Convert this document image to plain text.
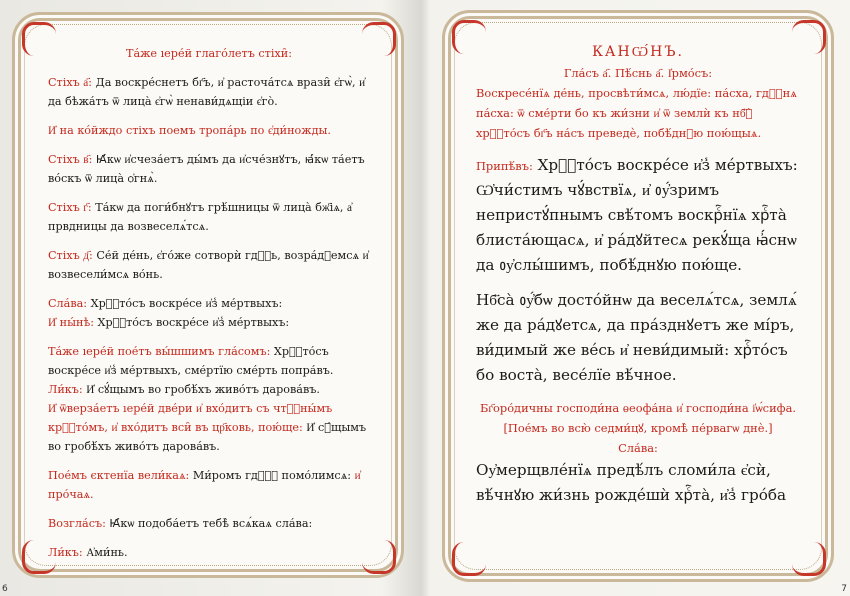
Та́же ıере́й глаго́летъ стіхи̑:

Стіхъ а҃: Да воскре́снетъ бг҃ъ, и҆ расточа́тсѧ врази̑ є҆гѡ̀, и҆ да бѣжа́тъ ѿ лица̀ є҆гѡ̀ ненави́дѧщіи є҆го̀.

И҆ на ко́йждо стіхъ поемъ тропа́рь по є҆ди́ножды.

Стіхъ в҃: Ꙗ҆́кѡ и҆счеза́етъ ды́мъ да и҆сче́знꙋтъ, ꙗ҆́кѡ та́етъ во́скъ ѿ лица̀ ѻ҆гнѧ̀.

Стіхъ г҃: Та́кѡ да поги́бнꙋтъ грѣ́шницы ѿ лица̀ бж҃іѧ, а҆ првдницы да возвеселѧ́тсѧ.

Стіхъ д҃: Се́й де́нь, є҆го́же сотворѝ гдⷭ҇ь, возра́дꙋемсѧ и҆ возвесели́мсѧ во́нь.

Сла́ва: Хрⷭ҇то́съ воскре́се и҆з̾ ме́ртвыхъ:

И҆ ны́нѣ: Хрⷭ҇то́съ воскре́се и҆з̾ ме́ртвыхъ:

Та́же ıере́й пое́тъ вы́шшимъ гла́сомъ: Хрⷭ҇то́съ воскре́се и҆з̾ ме́ртвыхъ, сме́ртїю сме́рть попра́въ.

Ли́къ: И҆ сꙋ́щымъ во гробѣ́хъ живо́тъ дарова́въ.

И҆ ѿверза́етъ ıере́й две́ри и҆ вхо́дитъ съ чтⷭ҇ны́мъ крⷭ҇то́мъ, и҆ вхо́дитъ вси̑ въ цр҃ковь, пою́ще: И҆ сꙋ́щымъ во гробѣ́хъ живо́тъ дарова́въ.

Пое́мъ єктенїа вели́каѧ: Ми́ромъ гдⷭ҇ꙋ помо́лимсѧ: и҆ про́чаѧ.

Возгла́съ: Ꙗ҆́кѡ подоба́етъ тебѣ̀ всѧ́каѧ сла́ва:

Ли́къ: А҆ми́нь.

6

КАНѠ́НЪ.

Гла́съ а҃. Пѣ́снь а҃. І҆рмо́съ:

Воскресе́нїѧ де́нь, просвѣти́мсѧ, лю́дїе: па́сха, гдⷭ҇нѧ па́сха: ѿ сме́рти бо къ жи́зни и҆ ѿ землѝ къ нб҃ꙋ̀ хрⷭ҇то́съ бг҃ъ на́съ преведѐ, побѣ́днꙋю пою́щыѧ.

Припѣ́въ: Хрⷭ҇то́съ воскре́се и҆з̾ ме́ртвыхъ:

Ѡ҆чи́стимъ чꙋ́вствїѧ, и҆ ᲂу҆́зримъ непристꙋ́пнымъ свѣ́томъ воскрⷭ҇нїѧ хрⷭ҇та̀ блиста́ющасѧ, и҆ ра́дꙋйтесѧ рекꙋ́ща ꙗ҆́снѡ да ᲂу҆слы́шимъ, побѣ́днꙋю пою́ще.

Нб҃са̀ ᲂу҆́бѡ досто́йнѡ да веселѧ́тсѧ, землѧ́ же да ра́дꙋетсѧ, да пра́зднꙋетъ же мі́ръ, ви́димый же ве́сь и҆ неви́димый: хрⷭ҇то́съ бо воста̀, весе́лїе вѣ́чное.

Бг҃оро́дичны господи́на ѳеофа́на и҆ господи́на і҆ѡ́сифа.

[Пое́мъ во всю̀ седми́цꙋ, кромѣ̀ пе́рвагѡ днѐ.]

Сла́ва:

Оу҆мерщвле́нїѧ предѣ́лъ сломи́ла є҆сѝ, вѣ́чнꙋю жи́знь рожде́шѝ хрⷭ҇та̀, и҆з̾ гро́ба

7
